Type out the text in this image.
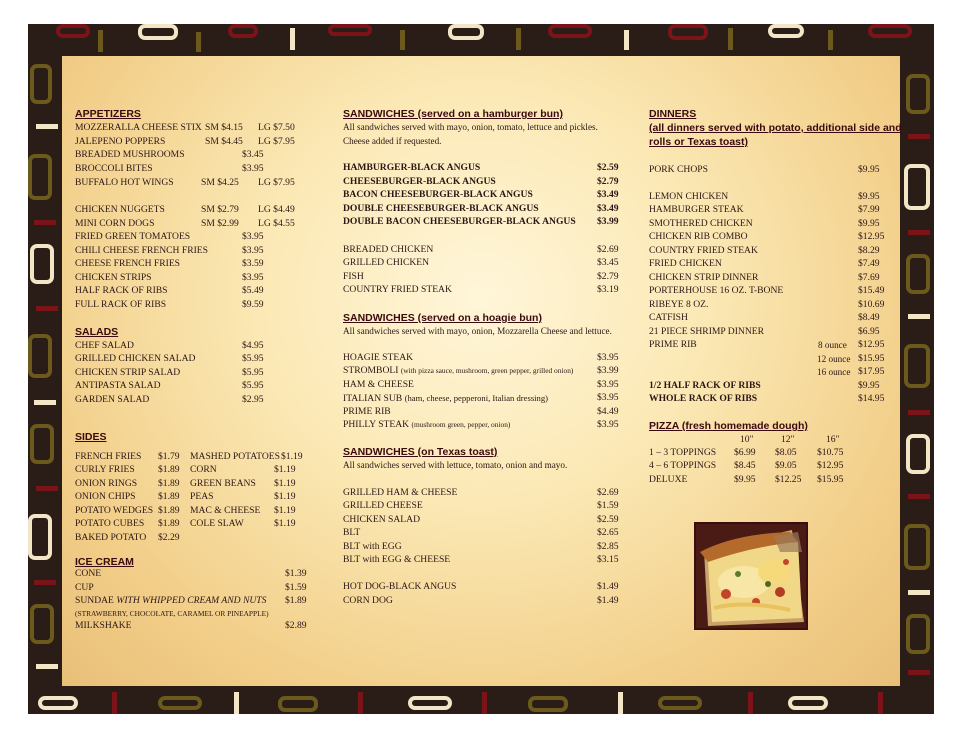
APPETIZERS
MOZZERALLA CHEESE STIX SM $4.15 LG $7.50
JALEPENO POPPERS	SM $4.45 LG $7.95
BREADED MUSHROOMS	$3.45
BROCCOLI BITES	$3.95
BUFFALO HOT WINGS	SM $4.25 LG $7.95
CHICKEN NUGGETS	SM $2.79 LG $4.49
MINI CORN DOGS	SM $2.99 LG $4.55
FRIED GREEN TOMATOES	$3.95
CHILI CHEESE FRENCH FRIES	$3.95
CHEESE FRENCH FRIES	$3.59
CHICKEN STRIPS	$3.95
HALF RACK OF RIBS	$5.49
FULL RACK OF RIBS	$9.59
SALADS
CHEF SALAD	$4.95
GRILLED CHICKEN SALAD	$5.95
CHICKEN STRIP SALAD	$5.95
ANTIPASTA SALAD	$5.95
GARDEN SALAD	$2.95
SIDES
FRENCH FRIES $1.79
CURLY FRIES $1.89
ONION RINGS $1.89
ONION CHIPS $1.89
POTATO WEDGES $1.89
POTATO CUBES $1.89
BAKED POTATO $2.29
MASHED POTATOES $1.19
CORN	$1.19
GREEN BEANS $1.19
PEAS	$1.19
MAC & CHEESE $1.19
COLE SLAW	$1.19
ICE CREAM
CONE	$1.39
CUP	$1.59
SUNDAE WITH WHIPPED CREAM AND NUTS $1.89
(STRAWBERRY, CHOCOLATE, CARAMEL OR PINEAPPLE)
MILKSHAKE	$2.89
SANDWICHES (served on a hamburger bun)
All sandwiches served with mayo, onion, tomato, lettuce and pickles.
Cheese added if requested.
HAMBURGER-BLACK ANGUS	$2.59
CHEESEBURGER-BLACK ANGUS	$2.79
BACON CHEESEBURGER-BLACK ANGUS	$3.49
DOUBLE CHEESEBURGER-BLACK ANGUS	$3.49
DOUBLE BACON CHEESEBURGER-BLACK ANGUS $3.99
BREADED CHICKEN	$2.69
GRILLED CHICKEN	$3.45
FISH	$2.79
COUNTRY FRIED STEAK	$3.19
SANDWICHES (served on a hoagie bun)
All sandwiches served with mayo, onion, Mozzarella Cheese and lettuce.
HOAGIE STEAK	$3.95
STROMBOLI (with pizza sauce, mushroom, green pepper, grilled onion) $3.99
HAM & CHEESE	$3.95
ITALIAN SUB (ham, cheese, pepperoni, Italian dressing)	$3.95
PRIME RIB	$4.49
PHILLY STEAK (mushroom green, pepper, onion)	$3.95
SANDWICHES (on Texas toast)
All sandwiches served with lettuce, tomato, onion and mayo.
GRILLED HAM & CHEESE	$2.69
GRILLED CHEESE	$1.59
CHICKEN SALAD	$2.59
BLT	$2.65
BLT with EGG	$2.85
BLT with EGG & CHEESE	$3.15
HOT DOG-BLACK ANGUS	$1.49
CORN DOG	$1.49
DINNERS
(all dinners served with potato, additional side and
rolls or Texas toast)
PORK CHOPS	$9.95
LEMON CHICKEN	$9.95
HAMBURGER STEAK	$7.99
SMOTHERED CHICKEN	$9.95
CHICKEN RIB COMBO	$12.95
COUNTRY FRIED STEAK	$8.29
FRIED CHICKEN	$7.49
CHICKEN STRIP DINNER	$7.69
PORTERHOUSE 16 OZ. T-BONE	$15.49
RIBEYE 8 OZ.	$10.69
CATFISH	$8.49
21 PIECE SHRIMP DINNER	$6.95
PRIME RIB	8 ounce $12.95
12 ounce $15.95
16 ounce $17.95
1/2 HALF RACK OF RIBS	$9.95
WHOLE RACK OF RIBS	$14.95
PIZZA (fresh homemade dough)
10"	12"	16"
1 – 3 TOPPINGS $6.99 $8.05 $10.75
4 – 6 TOPPINGS $8.45 $9.05 $12.95
DELUXE	$9.95 $12.25 $15.95
